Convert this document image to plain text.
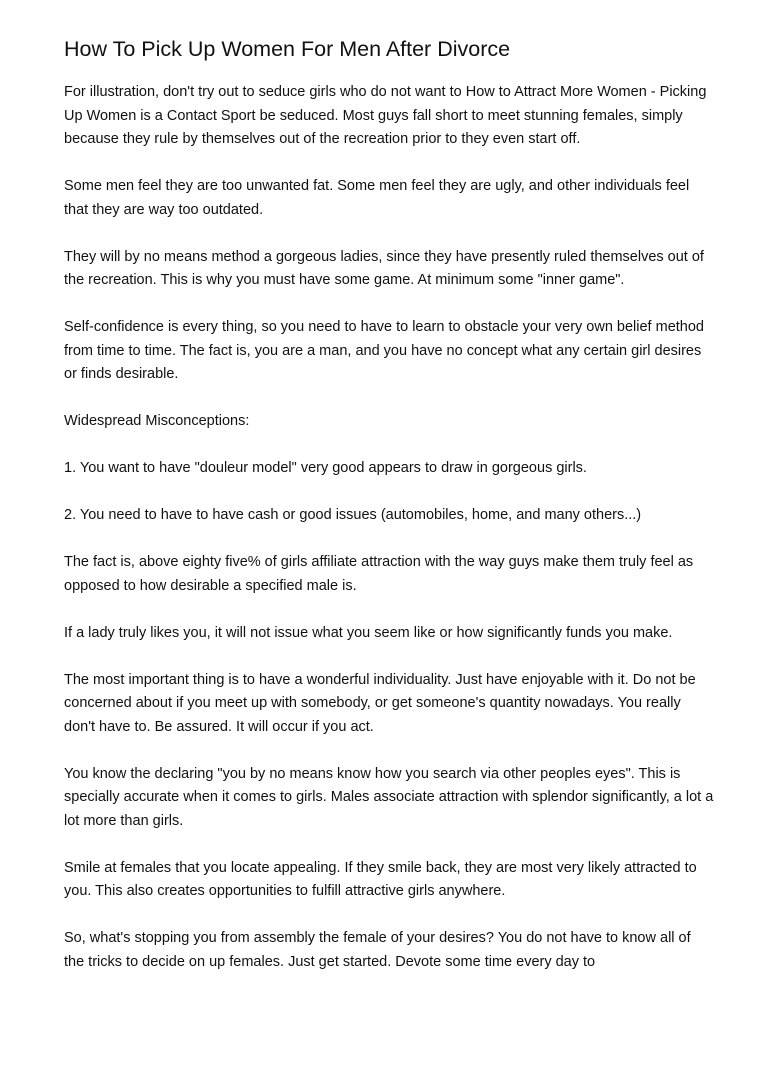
How To Pick Up Women For Men After Divorce

For illustration, don't try out to seduce girls who do not want to How to Attract More Women - Picking Up Women is a Contact Sport be seduced. Most guys fall short to meet stunning females, simply because they rule by themselves out of the recreation prior to they even start off.

Some men feel they are too unwanted fat. Some men feel they are ugly, and other individuals feel that they are way too outdated.

They will by no means method a gorgeous ladies, since they have presently ruled themselves out of the recreation. This is why you must have some game. At minimum some "inner game".

Self-confidence is every thing, so you need to have to learn to obstacle your very own belief method from time to time. The fact is, you are a man, and you have no concept what any certain girl desires or finds desirable.

Widespread Misconceptions:

1. You want to have "douleur model" very good appears to draw in gorgeous girls.

2. You need to have to have cash or good issues (automobiles, home, and many others...)

The fact is, above eighty five% of girls affiliate attraction with the way guys make them truly feel as opposed to how desirable a specified male is.

If a lady truly likes you, it will not issue what you seem like or how significantly funds you make.

The most important thing is to have a wonderful individuality. Just have enjoyable with it. Do not be concerned about if you meet up with somebody, or get someone's quantity nowadays. You really don't have to. Be assured. It will occur if you act.

You know the declaring "you by no means know how you search via other peoples eyes". This is specially accurate when it comes to girls. Males associate attraction with splendor significantly, a lot a lot more than girls.

Smile at females that you locate appealing. If they smile back, they are most very likely attracted to you. This also creates opportunities to fulfill attractive girls anywhere.

So, what's stopping you from assembly the female of your desires? You do not have to know all of the tricks to decide on up females. Just get started. Devote some time every day to
